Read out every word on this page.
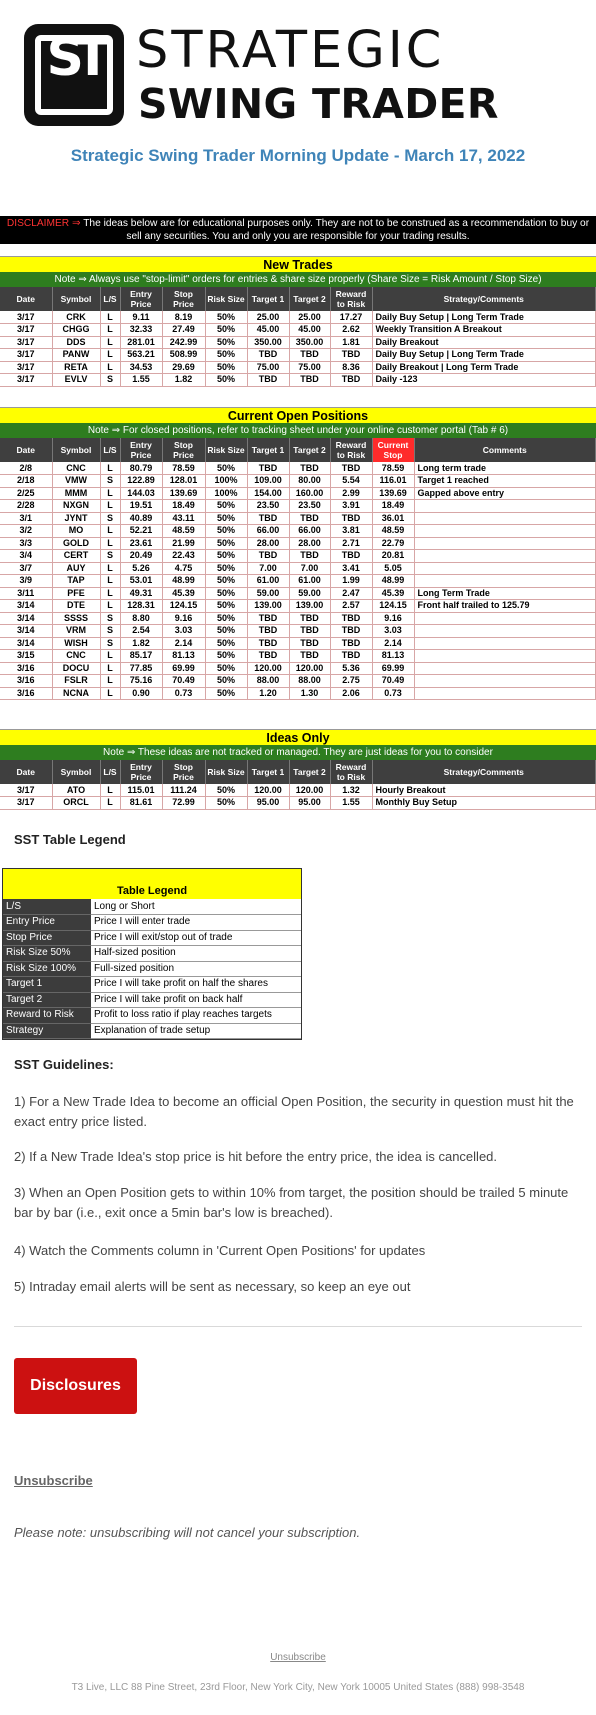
ST STRATEGIC
SWING TRADER
Strategic Swing Trader Morning Update - March 17, 2022
DISCLAIMER ⇒ The ideas below are for educational purposes only. They are not to be construed as a recommendation to buy or sell any securities. You and only you are responsible for your trading results.
New Trades
Note ⇒ Always use "stop-limit" orders for entries & share size properly (Share Size = Risk Amount / Stop Size)
Date	Symbol	L/S	Entry Price	Stop Price	Risk Size	Target 1	Target 2	Reward to Risk	Strategy/Comments
3/17	CRK	L	9.11	8.19	50%	25.00	25.00	17.27	Daily Buy Setup | Long Term Trade
3/17	CHGG	L	32.33	27.49	50%	45.00	45.00	2.62	Weekly Transition A Breakout
3/17	DDS	L	281.01	242.99	50%	350.00	350.00	1.81	Daily Breakout
3/17	PANW	L	563.21	508.99	50%	TBD	TBD	TBD	Daily Buy Setup | Long Term Trade
3/17	RETA	L	34.53	29.69	50%	75.00	75.00	8.36	Daily Breakout | Long Term Trade
3/17	EVLV	S	1.55	1.82	50%	TBD	TBD	TBD	Daily -123
Current Open Positions
Note ⇒ For closed positions, refer to tracking sheet under your online customer portal (Tab # 6)
Date	Symbol	L/S	Entry Price	Stop Price	Risk Size	Target 1	Target 2	Reward to Risk	Current Stop	Comments
2/8	CNC	L	80.79	78.59	50%	TBD	TBD	TBD	78.59	Long term trade
2/18	VMW	S	122.89	128.01	100%	109.00	80.00	5.54	116.01	Target 1 reached
2/25	MMM	L	144.03	139.69	100%	154.00	160.00	2.99	139.69	Gapped above entry
2/28	NXGN	L	19.51	18.49	50%	23.50	23.50	3.91	18.49	
3/1	JYNT	S	40.89	43.11	50%	TBD	TBD	TBD	36.01	
3/2	MO	L	52.21	48.59	50%	66.00	66.00	3.81	48.59	
3/3	GOLD	L	23.61	21.99	50%	28.00	28.00	2.71	22.79	
3/4	CERT	S	20.49	22.43	50%	TBD	TBD	TBD	20.81	
3/7	AUY	L	5.26	4.75	50%	7.00	7.00	3.41	5.05	
3/9	TAP	L	53.01	48.99	50%	61.00	61.00	1.99	48.99	
3/11	PFE	L	49.31	45.39	50%	59.00	59.00	2.47	45.39	Long Term Trade
3/14	DTE	L	128.31	124.15	50%	139.00	139.00	2.57	124.15	Front half trailed to 125.79
3/14	SSSS	S	8.80	9.16	50%	TBD	TBD	TBD	9.16	
3/14	VRM	S	2.54	3.03	50%	TBD	TBD	TBD	3.03	
3/14	WISH	S	1.82	2.14	50%	TBD	TBD	TBD	2.14	
3/15	CNC	L	85.17	81.13	50%	TBD	TBD	TBD	81.13	
3/16	DOCU	L	77.85	69.99	50%	120.00	120.00	5.36	69.99	
3/16	FSLR	L	75.16	70.49	50%	88.00	88.00	2.75	70.49	
3/16	NCNA	L	0.90	0.73	50%	1.20	1.30	2.06	0.73	
Ideas Only
Note ⇒ These ideas are not tracked or managed. They are just ideas for you to consider
Date	Symbol	L/S	Entry Price	Stop Price	Risk Size	Target 1	Target 2	Reward to Risk	Strategy/Comments
3/17	ATO	L	115.01	111.24	50%	120.00	120.00	1.32	Hourly Breakout
3/17	ORCL	L	81.61	72.99	50%	95.00	95.00	1.55	Monthly Buy Setup
SST Table Legend
Table Legend
L/S	Long or Short
Entry Price	Price I will enter trade
Stop Price	Price I will exit/stop out of trade
Risk Size 50%	Half-sized position
Risk Size 100%	Full-sized position
Target 1	Price I will take profit on half the shares
Target 2	Price I will take profit on back half
Reward to Risk	Profit to loss ratio if play reaches targets
Strategy	Explanation of trade setup
SST Guidelines:
1) For a New Trade Idea to become an official Open Position, the security in question must hit the exact entry price listed.
2) If a New Trade Idea's stop price is hit before the entry price, the idea is cancelled.
3) When an Open Position gets to within 10% from target, the position should be trailed 5 minute bar by bar (i.e., exit once a 5min bar's low is breached).
4) Watch the Comments column in 'Current Open Positions' for updates
5) Intraday email alerts will be sent as necessary, so keep an eye out
Disclosures
Unsubscribe
Please note: unsubscribing will not cancel your subscription.
Unsubscribe
T3 Live, LLC 88 Pine Street, 23rd Floor, New York City, New York 10005 United States (888) 998-3548
